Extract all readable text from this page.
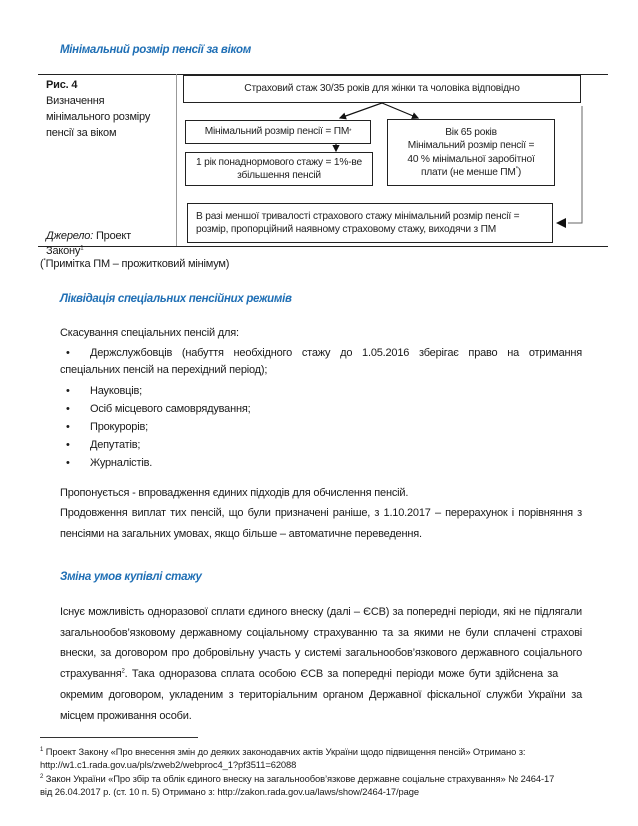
Мінімальний розмір пенсії за віком
Рис. 4
Визначення
мінімального розміру
пенсії за віком
Джерело: Проект
Закону$^1$
Страховий стаж 30/35 років для жінки та чоловіка відповідно
Мінімальний розмір пенсії = ПМ *
1 рік понаднормового стажу = 1%-ве збільшення пенсій
Вік 65 років
Мінімальний розмір пенсії =
40 % мінімальної заробітної
плати (не менше ПМ*)
В разі меншої тривалості страхового стажу мінімальний розмір пенсії = розмір, пропорційний наявному страховому стажу, виходячи з ПМ
(*Примітка ПМ – прожитковий мінімум)
Ліквідація спеціальних пенсійних режимів
Скасування спеціальних пенсій для:
• Держслужбовців (набуття необхідного стажу до 1.05.2016 зберігає право на отримання
спеціальних пенсій на перехідний період);
• Науковців;
• Осіб місцевого самоврядування;
• Прокурорів;
• Депутатів;
• Журналістів.
Пропонується - впровадження єдиних підходів для обчислення пенсій.
Продовження виплат тих пенсій, що були призначені раніше, з 1.10.2017 – перерахунок і порівняння з
пенсіями на загальних умовах, якщо більше – автоматичне переведення.
Зміна умов купівлі стажу
Існує можливість одноразової сплати єдиного внеску (далі – ЄСВ) за попередні періоди, які не підлягали
загальнообов’язковому державному соціальному страхуванню та за якими не були сплачені страхові
внески, за договором про добровільну участь у системі загальнообов’язкового державного соціального
страхування$^2$. Така одноразова сплата особою ЄСВ за попередні періоди може бути здійснена за
окремим договором, укладеним з територіальним органом Державної фіскальної служби України за
місцем проживання особи.
$^1$ Проект Закону «Про внесення змін до деяких законодавчих актів України щодо підвищення пенсій» Отримано з:
http://w1.c1.rada.gov.ua/pls/zweb2/webproc4_1?pf3511=62088
$^2$ Закон України «Про збір та облік єдиного внеску на загальнообов’язкове державне соціальне страхування» № 2464-17
від 26.04.2017 р. (ст. 10 п. 5) Отримано з: http://zakon.rada.gov.ua/laws/show/2464-17/page
